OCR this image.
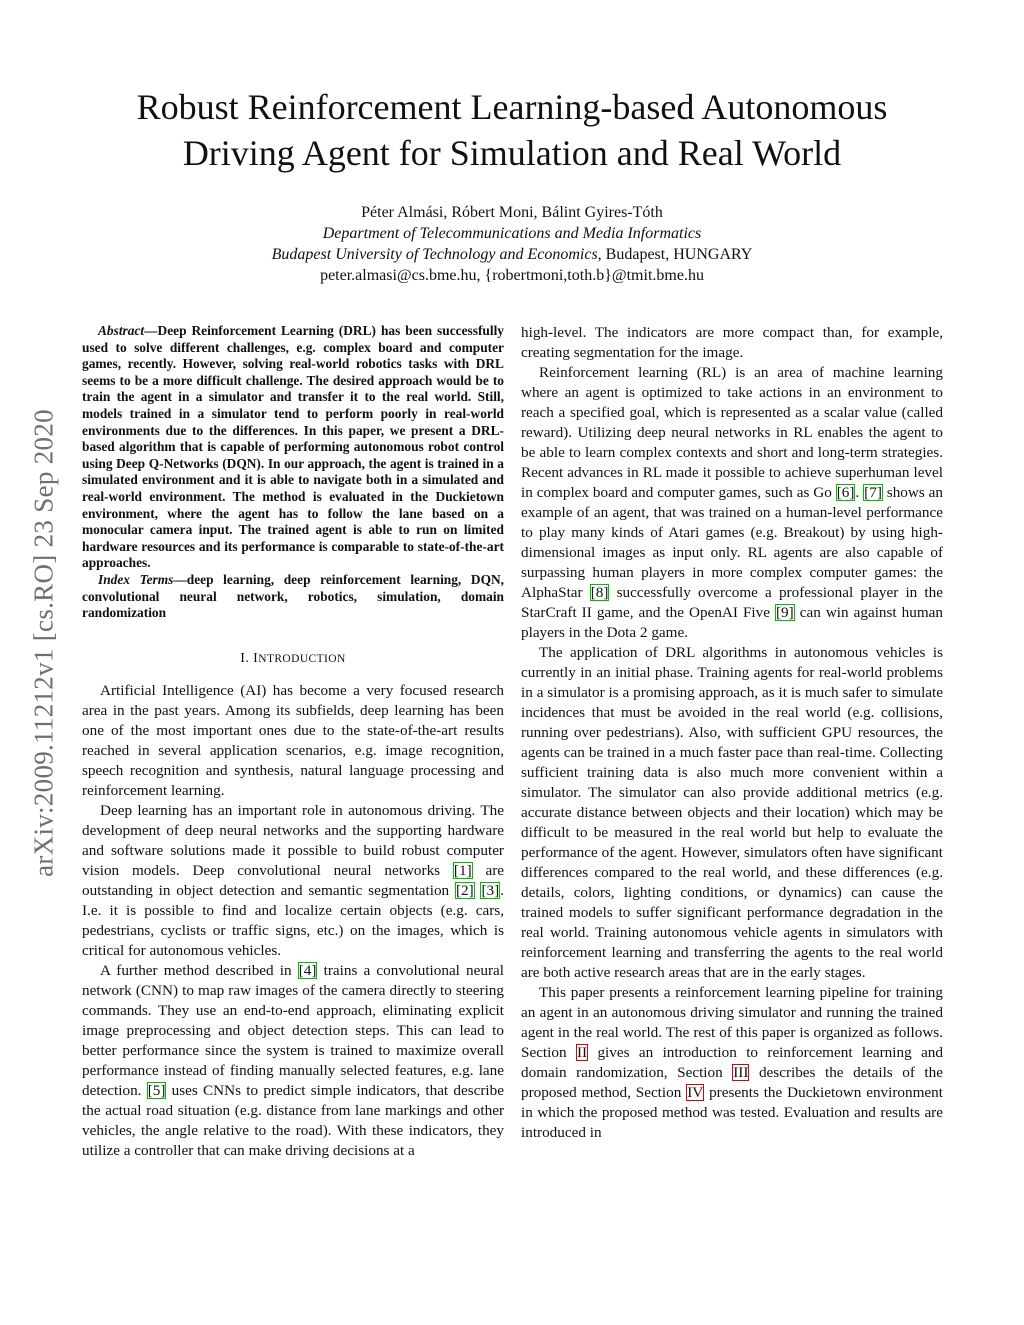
arXiv:2009.11212v1 [cs.RO] 23 Sep 2020
Robust Reinforcement Learning-based Autonomous
Driving Agent for Simulation and Real World
Péter Almási, Róbert Moni, Bálint Gyires-Tóth
Department of Telecommunications and Media Informatics
Budapest University of Technology and Economics, Budapest, HUNGARY
peter.almasi@cs.bme.hu, {robertmoni,toth.b}@tmit.bme.hu

Abstract—Deep Reinforcement Learning (DRL) has been successfully used to solve different challenges, e.g. complex board and computer games, recently. However, solving real-world robotics tasks with DRL seems to be a more difficult challenge. The desired approach would be to train the agent in a simulator and transfer it to the real world. Still, models trained in a simulator tend to perform poorly in real-world environments due to the differences. In this paper, we present a DRL-based algorithm that is capable of performing autonomous robot control using Deep Q-Networks (DQN). In our approach, the agent is trained in a simulated environment and it is able to navigate both in a simulated and real-world environment. The method is evaluated in the Duckietown environment, where the agent has to follow the lane based on a monocular camera input. The trained agent is able to run on limited hardware resources and its performance is comparable to state-of-the-art approaches.

Index Terms—deep learning, deep reinforcement learning, DQN, convolutional neural network, robotics, simulation, domain randomization

I. INTRODUCTION

Artificial Intelligence (AI) has become a very focused research area in the past years. Among its subfields, deep learning has been one of the most important ones due to the state-of-the-art results reached in several application scenarios, e.g. image recognition, speech recognition and synthesis, natural language processing and reinforcement learning.

Deep learning has an important role in autonomous driving. The development of deep neural networks and the supporting hardware and software solutions made it possible to build robust computer vision models. Deep convolutional neural networks [1] are outstanding in object detection and semantic segmentation [2] [3]. I.e. it is possible to find and localize certain objects (e.g. cars, pedestrians, cyclists or traffic signs, etc.) on the images, which is critical for autonomous vehicles.

A further method described in [4] trains a convolutional neural network (CNN) to map raw images of the camera directly to steering commands. They use an end-to-end approach, eliminating explicit image preprocessing and object detection steps. This can lead to better performance since the system is trained to maximize overall performance instead of finding manually selected features, e.g. lane detection. [5] uses CNNs to predict simple indicators, that describe the actual road situation (e.g. distance from lane markings and other vehicles, the angle relative to the road). With these indicators, they utilize a controller that can make driving decisions at a

high-level. The indicators are more compact than, for example, creating segmentation for the image.

Reinforcement learning (RL) is an area of machine learning where an agent is optimized to take actions in an environment to reach a specified goal, which is represented as a scalar value (called reward). Utilizing deep neural networks in RL enables the agent to be able to learn complex contexts and short and long-term strategies. Recent advances in RL made it possible to achieve superhuman level in complex board and computer games, such as Go [6]. [7] shows an example of an agent, that was trained on a human-level performance to play many kinds of Atari games (e.g. Breakout) by using high-dimensional images as input only. RL agents are also capable of surpassing human players in more complex computer games: the AlphaStar [8] successfully overcome a professional player in the StarCraft II game, and the OpenAI Five [9] can win against human players in the Dota 2 game.

The application of DRL algorithms in autonomous vehicles is currently in an initial phase. Training agents for real-world problems in a simulator is a promising approach, as it is much safer to simulate incidences that must be avoided in the real world (e.g. collisions, running over pedestrians). Also, with sufficient GPU resources, the agents can be trained in a much faster pace than real-time. Collecting sufficient training data is also much more convenient within a simulator. The simulator can also provide additional metrics (e.g. accurate distance between objects and their location) which may be difficult to be measured in the real world but help to evaluate the performance of the agent. However, simulators often have significant differences compared to the real world, and these differences (e.g. details, colors, lighting conditions, or dynamics) can cause the trained models to suffer significant performance degradation in the real world. Training autonomous vehicle agents in simulators with reinforcement learning and transferring the agents to the real world are both active research areas that are in the early stages.

This paper presents a reinforcement learning pipeline for training an agent in an autonomous driving simulator and running the trained agent in the real world. The rest of this paper is organized as follows. Section II gives an introduction to reinforcement learning and domain randomization, Section III describes the details of the proposed method, Section IV presents the Duckietown environment in which the proposed method was tested. Evaluation and results are introduced in
